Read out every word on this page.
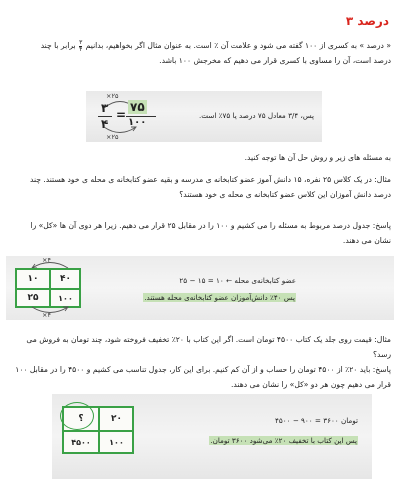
درصد ۳
« درصد » به کسری از ۱۰۰ گفته می شود و علامت آن ٪ است. به عنوان مثال اگر بخواهیم، بدانیم
$\frac{۳}{۴}$
برابر با چند
درصد است، آن را مساوی با کسری قرار می دهیم که مخرجش ۱۰۰ باشد.
×۲۵
۳
۴
=
۷۵
۱۰۰
×۲۵
پس، ۳/۴ معادل ۷۵ درصد یا ۷۵٪ است.
به مسئله های زیر و روش حل آن ها توجه کنید.
مثال: در یک کلاس ۲۵ نفره، ۱۵ دانش آموز عضو کتابخانه ی مدرسه و بقیه عضو کتابخانه ی محله ی خود هستند. چند درصد دانش آموزان این کلاس عضو کتابخانه ی محله ی خود هستند؟
پاسخ: جدول درصد مربوط به مسئله را می کشیم و ۱۰۰ را در مقابل ۲۵ قرار می دهیم. زیرا هر دوی آن ها «کل» را نشان می دهند.
×۴
۱۰	۴۰
۲۵	۱۰۰
×۴
عضو کتابخانه‌ی محله ← ۱۰ = ۱۵ − ۲۵
پس ۴۰٪ دانش‌آموزان عضو کتابخانه‌ی محله هستند.
مثال: قیمت روی جلد یک کتاب ۴۵۰۰ تومان است. اگر این کتاب با ۲۰٪ تخفیف فروخته شود، چند تومان به فروش می رسد؟
پاسخ: باید ۲۰٪ از ۴۵۰۰ تومان را حساب و از آن کم کنیم. برای این کار، جدول تناسب می کشیم و ۴۵۰۰ را در مقابل ۱۰۰ قرار می دهیم چون هر دو «کل» را نشان می دهند.
؟	۲۰
۴۵۰۰	۱۰۰
تومان ۳۶۰۰ = ۹۰۰ − ۴۵۰۰
پس این کتاب با تخفیف ۲۰٪ می‌شود ۳۶۰۰ تومان.
